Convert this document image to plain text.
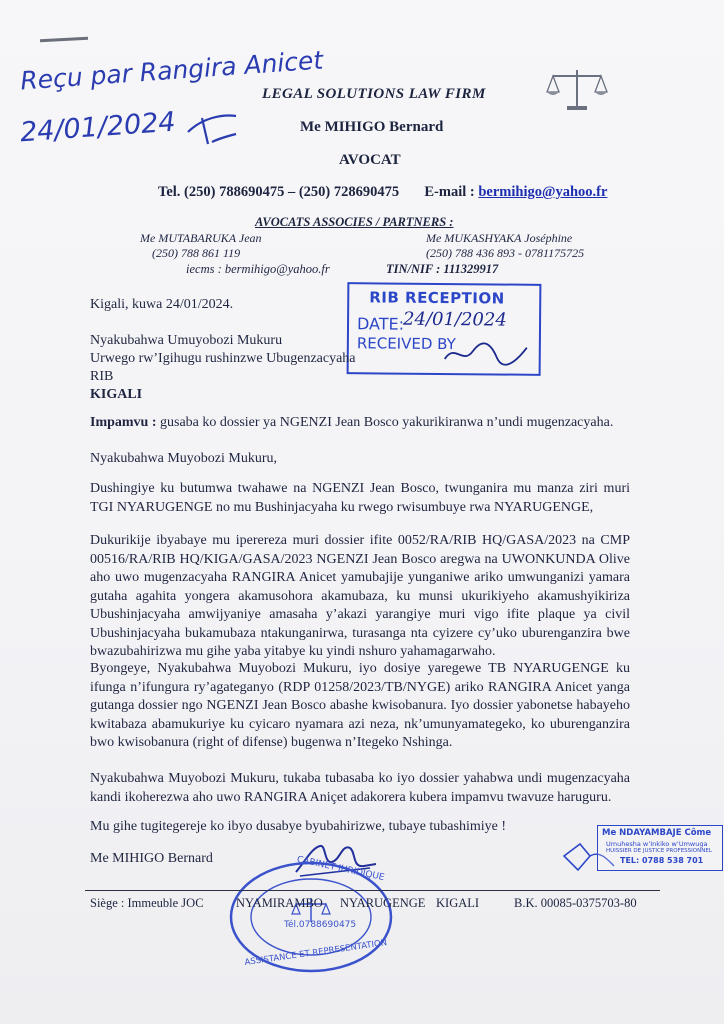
Reçu par Rangira Anicet
24/01/2024
LEGAL SOLUTIONS LAW FIRM
Me MIHIGO Bernard
AVOCAT
Tel. (250) 788690475 – (250) 728690475 E-mail : bermihigo@yahoo.fr
AVOCATS ASSOCIES / PARTNERS :
Me MUTABARUKA Jean
(250) 788 861 119
Me MUKASHYAKA Joséphine
(250) 788 436 893 - 0781175725
iecms : bermihigo@yahoo.fr	TIN/NIF : 111329917
RIB RECEPTION
DATE:
24/01/2024
RECEIVED BY
Kigali, kuwa 24/01/2024.
Nyakubahwa Umuyobozi Mukuru
Urwego rw’Igihugu rushinzwe Ubugenzacyaha
RIB
KIGALI
Impamvu : gusaba ko dossier ya NGENZI Jean Bosco yakurikiranwa n’undi mugenzacyaha.
Nyakubahwa Muyobozi Mukuru,
Dushingiye ku butumwa twahawe na NGENZI Jean Bosco, twunganira mu manza ziri muri TGI NYARUGENGE no mu Bushinjacyaha ku rwego rwisumbuye rwa NYARUGENGE,
Dukurikije ibyabaye mu iperereza muri dossier ifite 0052/RA/RIB HQ/GASA/2023 na CMP 00516/RA/RIB HQ/KIGA/GASA/2023 NGENZI Jean Bosco aregwa na UWONKUNDA Olive aho uwo mugenzacyaha RANGIRA Anicet yamubajije yunganiwe ariko umwunganizi yamara gutaha agahita yongera akamusohora akamubaza, ku munsi ukurikiyeho akamushyikiriza Ubushinjacyaha amwijyaniye amasaha y’akazi yarangiye muri vigo ifite plaque ya civil Ubushinjacyaha bukamubaza ntakunganirwa, turasanga nta cyizere cy’uko uburenganzira bwe bwazubahirizwa mu gihe yaba yitabye ku yindi nshuro yahamagarwaho.
Byongeye, Nyakubahwa Muyobozi Mukuru, iyo dosiye yaregewe TB NYARUGENGE ku ifunga n’ifungura ry’agateganyo (RDP 01258/2023/TB/NYGE) ariko RANGIRA Anicet yanga gutanga dossier ngo NGENZI Jean Bosco abashe kwisobanura. Iyo dossier yabonetse habayeho kwitabaza abamukuriye ku cyicaro nyamara azi neza, nk’umunyamategeko, ko uburenganzira bwo kwisobanura (right of difense) bugenwa n’Itegeko Nshinga.
Nyakubahwa Muyobozi Mukuru, tukaba tubasaba ko iyo dossier yahabwa undi mugenzacyaha kandi ikoherezwa aho uwo RANGIRA Aniçet adakorera kubera impamvu twavuze haruguru.
Mu gihe tugitegereje ko ibyo dusabye byubahirizwe, tubaye tubashimiye !
Me MIHIGO Bernard	CABINET JURIDIQUE
Tél.0788690475
ASSISTANCE ET REPRESENTATION
Me NDAYAMBAJE Côme
Umuhesha w’Inkiko w’Umwuga
HUISSIER DE JUSTICE PROFESSIONNEL
TEL: 0788 538 701
Siège : Immeuble JOC	NYAMIRAMBO NYARUGENGE KIGALI	B.K. 00085-0375703-80
